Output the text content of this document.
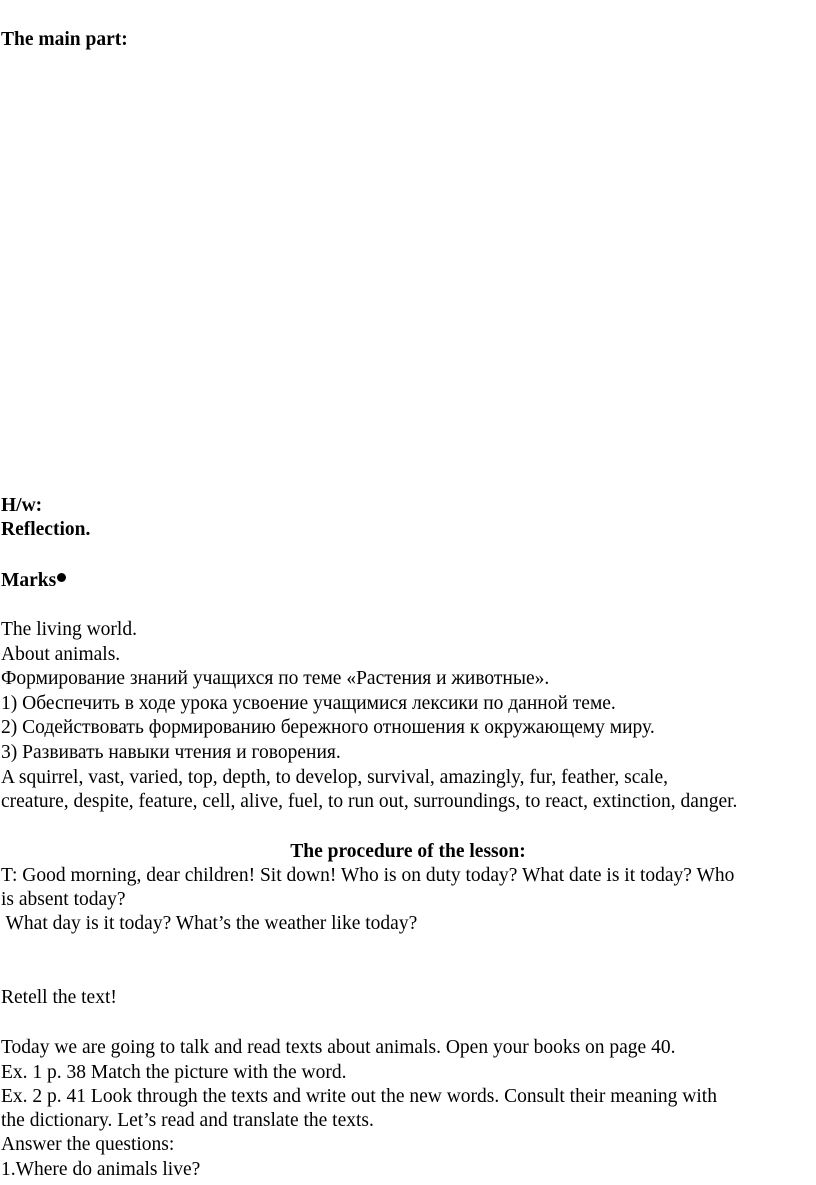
The main part:
H/w:
Reflection.
Marks
The living world.
About animals.
Формирование знаний учащихся по теме «Растения и животные».
1) Обеспечить в ходе урока усвоение учащимися лексики по данной теме.
2) Содействовать формированию бережного отношения к окружающему миру.
3) Развивать навыки чтения и говорения.
A squirrel, vast, varied, top, depth, to develop, survival, amazingly, fur, feather, scale,
creature, despite, feature, cell, alive, fuel, to run out, surroundings, to react, extinction, danger.
The procedure of the lesson:
T: Good morning, dear children! Sit down! Who is on duty today? What date is it today? Who
is absent today?
What day is it today? What’s the weather like today?
Retell the text!
Today we are going to talk and read texts about animals. Open your books on page 40.
Ex. 1 p. 38 Match the picture with the word.
Ex. 2 p. 41 Look through the texts and write out the new words. Consult their meaning with
the dictionary. Let’s read and translate the texts.
Answer the questions:
1.Where do animals live?
